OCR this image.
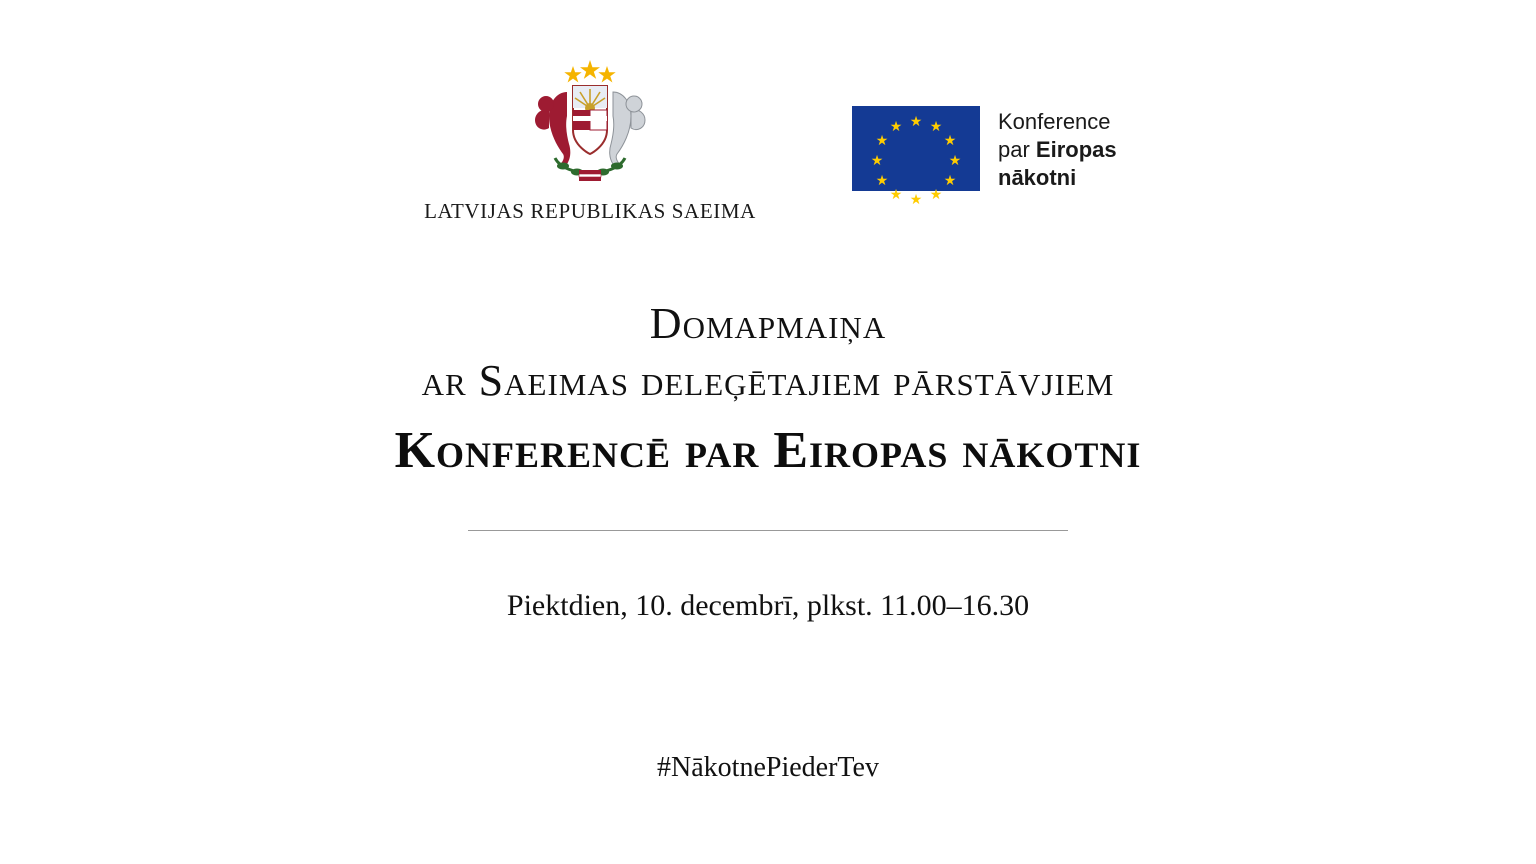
LATVIJAS REPUBLIKAS SAEIMA
★ ★
★
★
★
★
★
★
★
★
★
★	Konference
par Eiropas
nākotni
Domapmaiņa
ar Saeimas deleģētajiem pārstāvjiem
Konferencē par Eiropas nākotni
Piektdien, 10. decembrī, plkst. 11.00–16.30
#NākotnePiederTev
